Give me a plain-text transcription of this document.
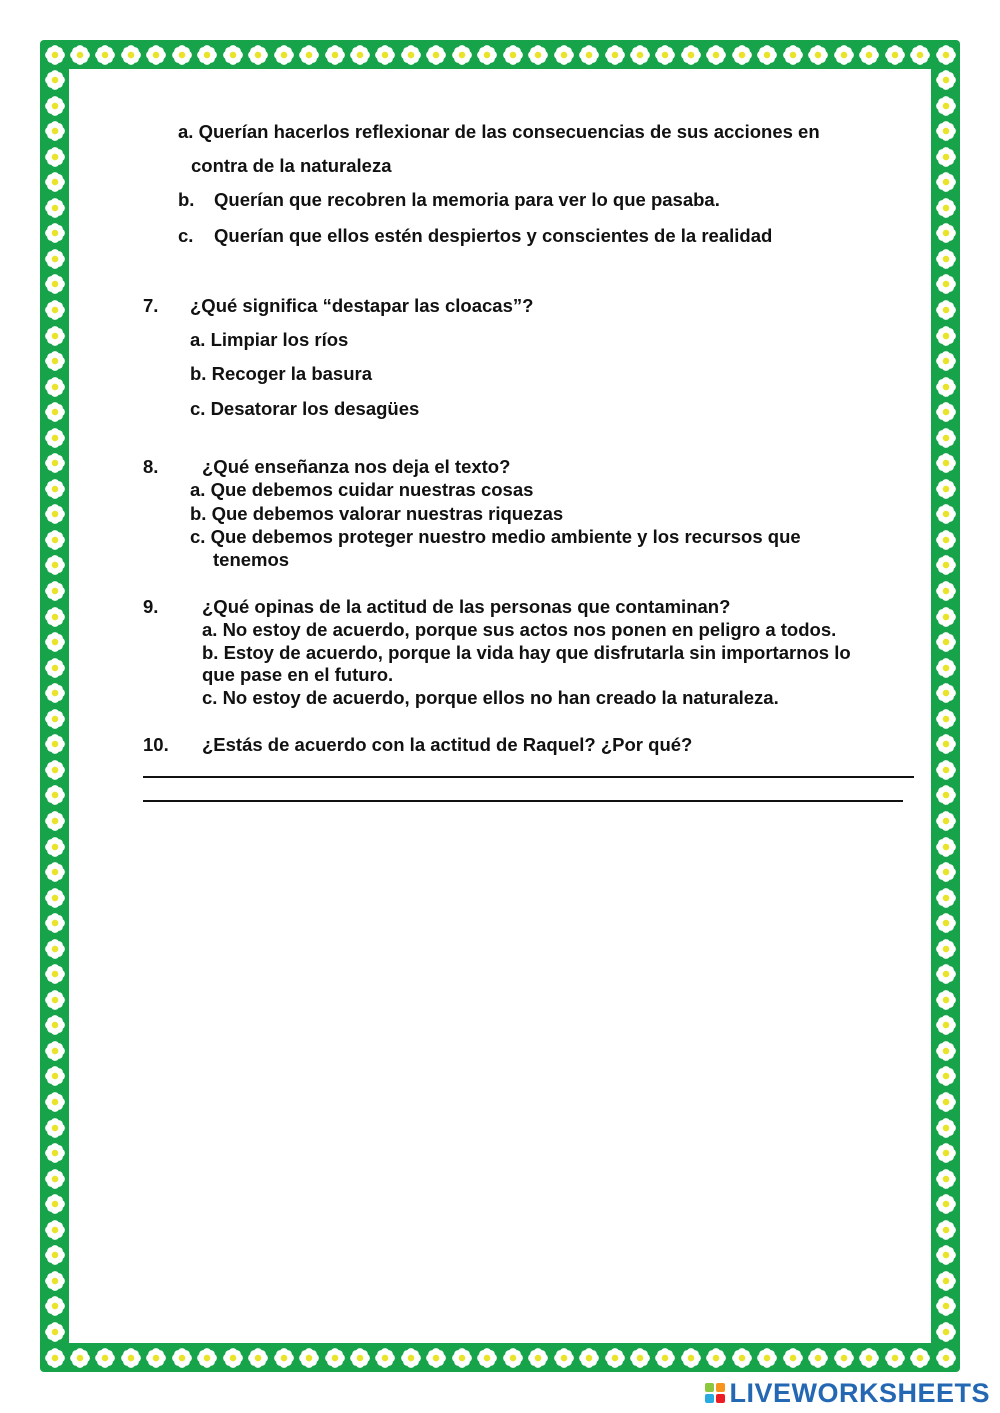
a. Querían hacerlos reflexionar de las consecuencias de sus acciones en
contra de la naturaleza
b. Querían que recobren la memoria para ver lo que pasaba.
c. Querían que ellos estén despiertos y conscientes de la realidad
7. ¿Qué significa “destapar las cloacas”?
a. Limpiar los ríos
b. Recoger la basura
c. Desatorar los desagües
8. ¿Qué enseñanza nos deja el texto?
a. Que debemos cuidar nuestras cosas
b. Que debemos valorar nuestras riquezas
c. Que debemos proteger nuestro medio ambiente y los recursos que
tenemos
9. ¿Qué opinas de la actitud de las personas que contaminan?
a. No estoy de acuerdo, porque sus actos nos ponen en peligro a todos.
b. Estoy de acuerdo, porque la vida hay que disfrutarla sin importarnos lo
que pase en el futuro.
c. No estoy de acuerdo, porque ellos no han creado la naturaleza.
10. ¿Estás de acuerdo con la actitud de Raquel? ¿Por qué?
LIVEWORKSHEETS
